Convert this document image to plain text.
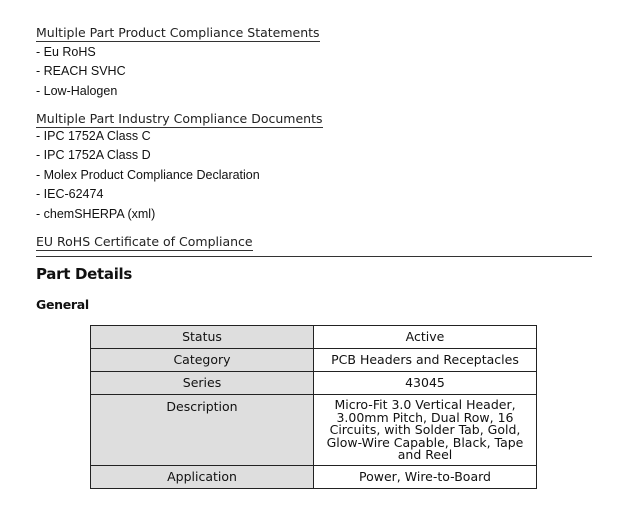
Multiple Part Product Compliance Statements
- Eu RoHS
- REACH SVHC
- Low-Halogen
Multiple Part Industry Compliance Documents
- IPC 1752A Class C
- IPC 1752A Class D
- Molex Product Compliance Declaration
- IEC-62474
- chemSHERPA (xml)
EU RoHS Certificate of Compliance
Part Details
General
Status	Active
Category	PCB Headers and Receptacles
Series	43045
Description	Micro-Fit 3.0 Vertical Header, 3.00mm Pitch, Dual Row, 16 Circuits, with Solder Tab, Gold, Glow-Wire Capable, Black, Tape and Reel
Application	Power, Wire-to-Board
